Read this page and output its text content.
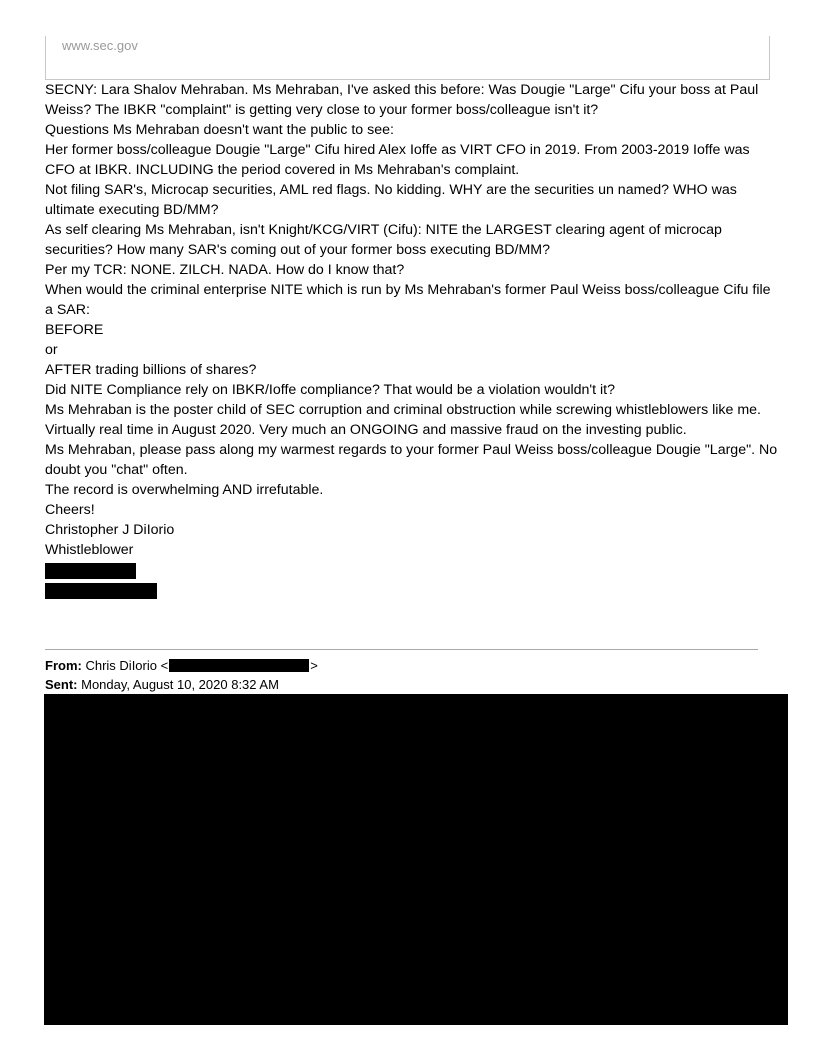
www.sec.gov

SECNY: Lara Shalov Mehraban. Ms Mehraban, I've asked this before: Was Dougie "Large" Cifu your boss at Paul Weiss? The IBKR "complaint" is getting very close to your former boss/colleague isn't it?

Questions Ms Mehraban doesn't want the public to see:

Her former boss/colleague Dougie "Large" Cifu hired Alex Ioffe as VIRT CFO in 2019. From 2003-2019 Ioffe was CFO at IBKR. INCLUDING the period covered in Ms Mehraban's complaint.

Not filing SAR's, Microcap securities, AML red flags. No kidding. WHY are the securities un named? WHO was ultimate executing BD/MM?

As self clearing Ms Mehraban, isn't Knight/KCG/VIRT (Cifu): NITE the LARGEST clearing agent of microcap securities? How many SAR's coming out of your former boss executing BD/MM?

Per my TCR: NONE. ZILCH. NADA. How do I know that?

When would the criminal enterprise NITE which is run by Ms Mehraban's former Paul Weiss boss/colleague Cifu file a SAR:

BEFORE

or

AFTER trading billions of shares?

Did NITE Compliance rely on IBKR/Ioffe compliance? That would be a violation wouldn't it?

Ms Mehraban is the poster child of SEC corruption and criminal obstruction while screwing whistleblowers like me. Virtually real time in August 2020. Very much an ONGOING and massive fraud on the investing public.

Ms Mehraban, please pass along my warmest regards to your former Paul Weiss boss/colleague Dougie "Large". No doubt you "chat" often.

The record is overwhelming AND irrefutable.

Cheers!

Christopher J DiIorio

Whistleblower

From: Chris DiIorio <	>
Sent: Monday, August 10, 2020 8:32 AM
